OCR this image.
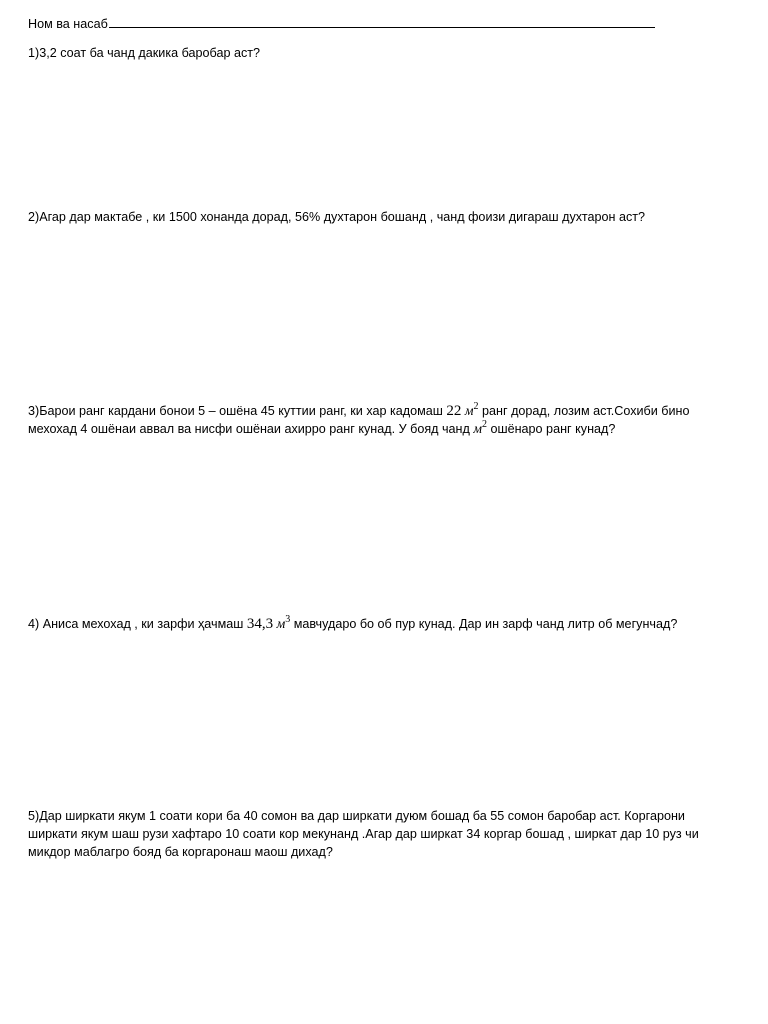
Ном ва насаб
1)3,2 соат ба чанд дакика баробар аст?
2)Агар дар мактабе , ки 1500 хонанда дорад, 56% духтарон бошанд , чанд фоизи дигараш духтарон аст?
3)Барои ранг кардани бонои 5 – ошёна 45 куттии ранг, ки хар кадомаш 22 $м^2$ ранг дорад, лозим аст.Сохиби бино
мехохад 4 ошёнаи аввал ва нисфи ошёнаи ахирро ранг кунад. У бояд чанд $м^2$ ошёнаро ранг кунад?
4) Аниса мехохад , ки зарфи ҳачмаш 34,3 $м^3$ мавчударо бо об пур кунад. Дар ин зарф чанд литр об мегунчад?
5)Дар ширкати якум 1 соати кори ба 40 сомон ва дар ширкати дуюм бошад ба 55 сомон баробар аст. Коргарони
ширкати якум шаш рузи хафтаро 10 соати кор мекунанд .Агар дар ширкат 34 коргар бошад , ширкат дар 10 руз чи
микдор маблагро бояд ба коргаронаш маош дихад?
